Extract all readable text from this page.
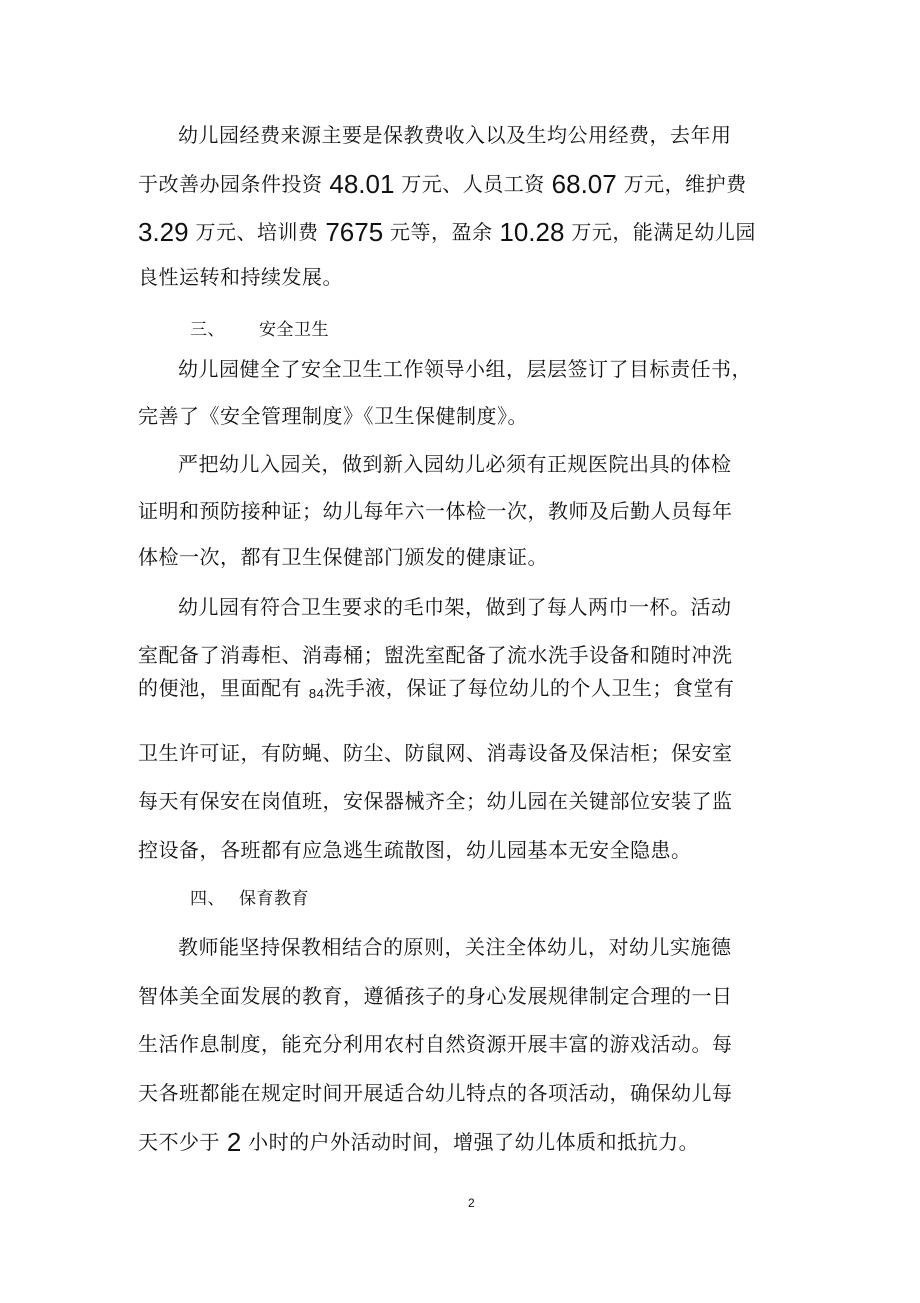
幼儿园经费来源主要是保教费收入以及生均公用经费，去年用
于改善办园条件投资 48.01 万元、人员工资 68.07 万元，维护费
3.29 万元、培训费 7675 元等，盈余 10.28 万元，能满足幼儿园
良性运转和持续发展。
三、 安全卫生
幼儿园健全了安全卫生工作领导小组，层层签订了目标责任书，
完善了《安全管理制度》《卫生保健制度》。
严把幼儿入园关，做到新入园幼儿必须有正规医院出具的体检
证明和预防接种证；幼儿每年六一体检一次，教师及后勤人员每年
体检一次，都有卫生保健部门颁发的健康证。
幼儿园有符合卫生要求的毛巾架，做到了每人两巾一杯。活动
室配备了消毒柜、消毒桶；盥洗室配备了流水洗手设备和随时冲洗
的便池，里面配有 84洗手液，保证了每位幼儿的个人卫生；食堂有
卫生许可证，有防蝇、防尘、防鼠网、消毒设备及保洁柜；保安室
每天有保安在岗值班，安保器械齐全；幼儿园在关键部位安装了监
控设备，各班都有应急逃生疏散图，幼儿园基本无安全隐患。
四、 保育教育
教师能坚持保教相结合的原则，关注全体幼儿，对幼儿实施德
智体美全面发展的教育，遵循孩子的身心发展规律制定合理的一日
生活作息制度，能充分利用农村自然资源开展丰富的游戏活动。每
天各班都能在规定时间开展适合幼儿特点的各项活动，确保幼儿每
天不少于 2 小时的户外活动时间，增强了幼儿体质和抵抗力。
2
